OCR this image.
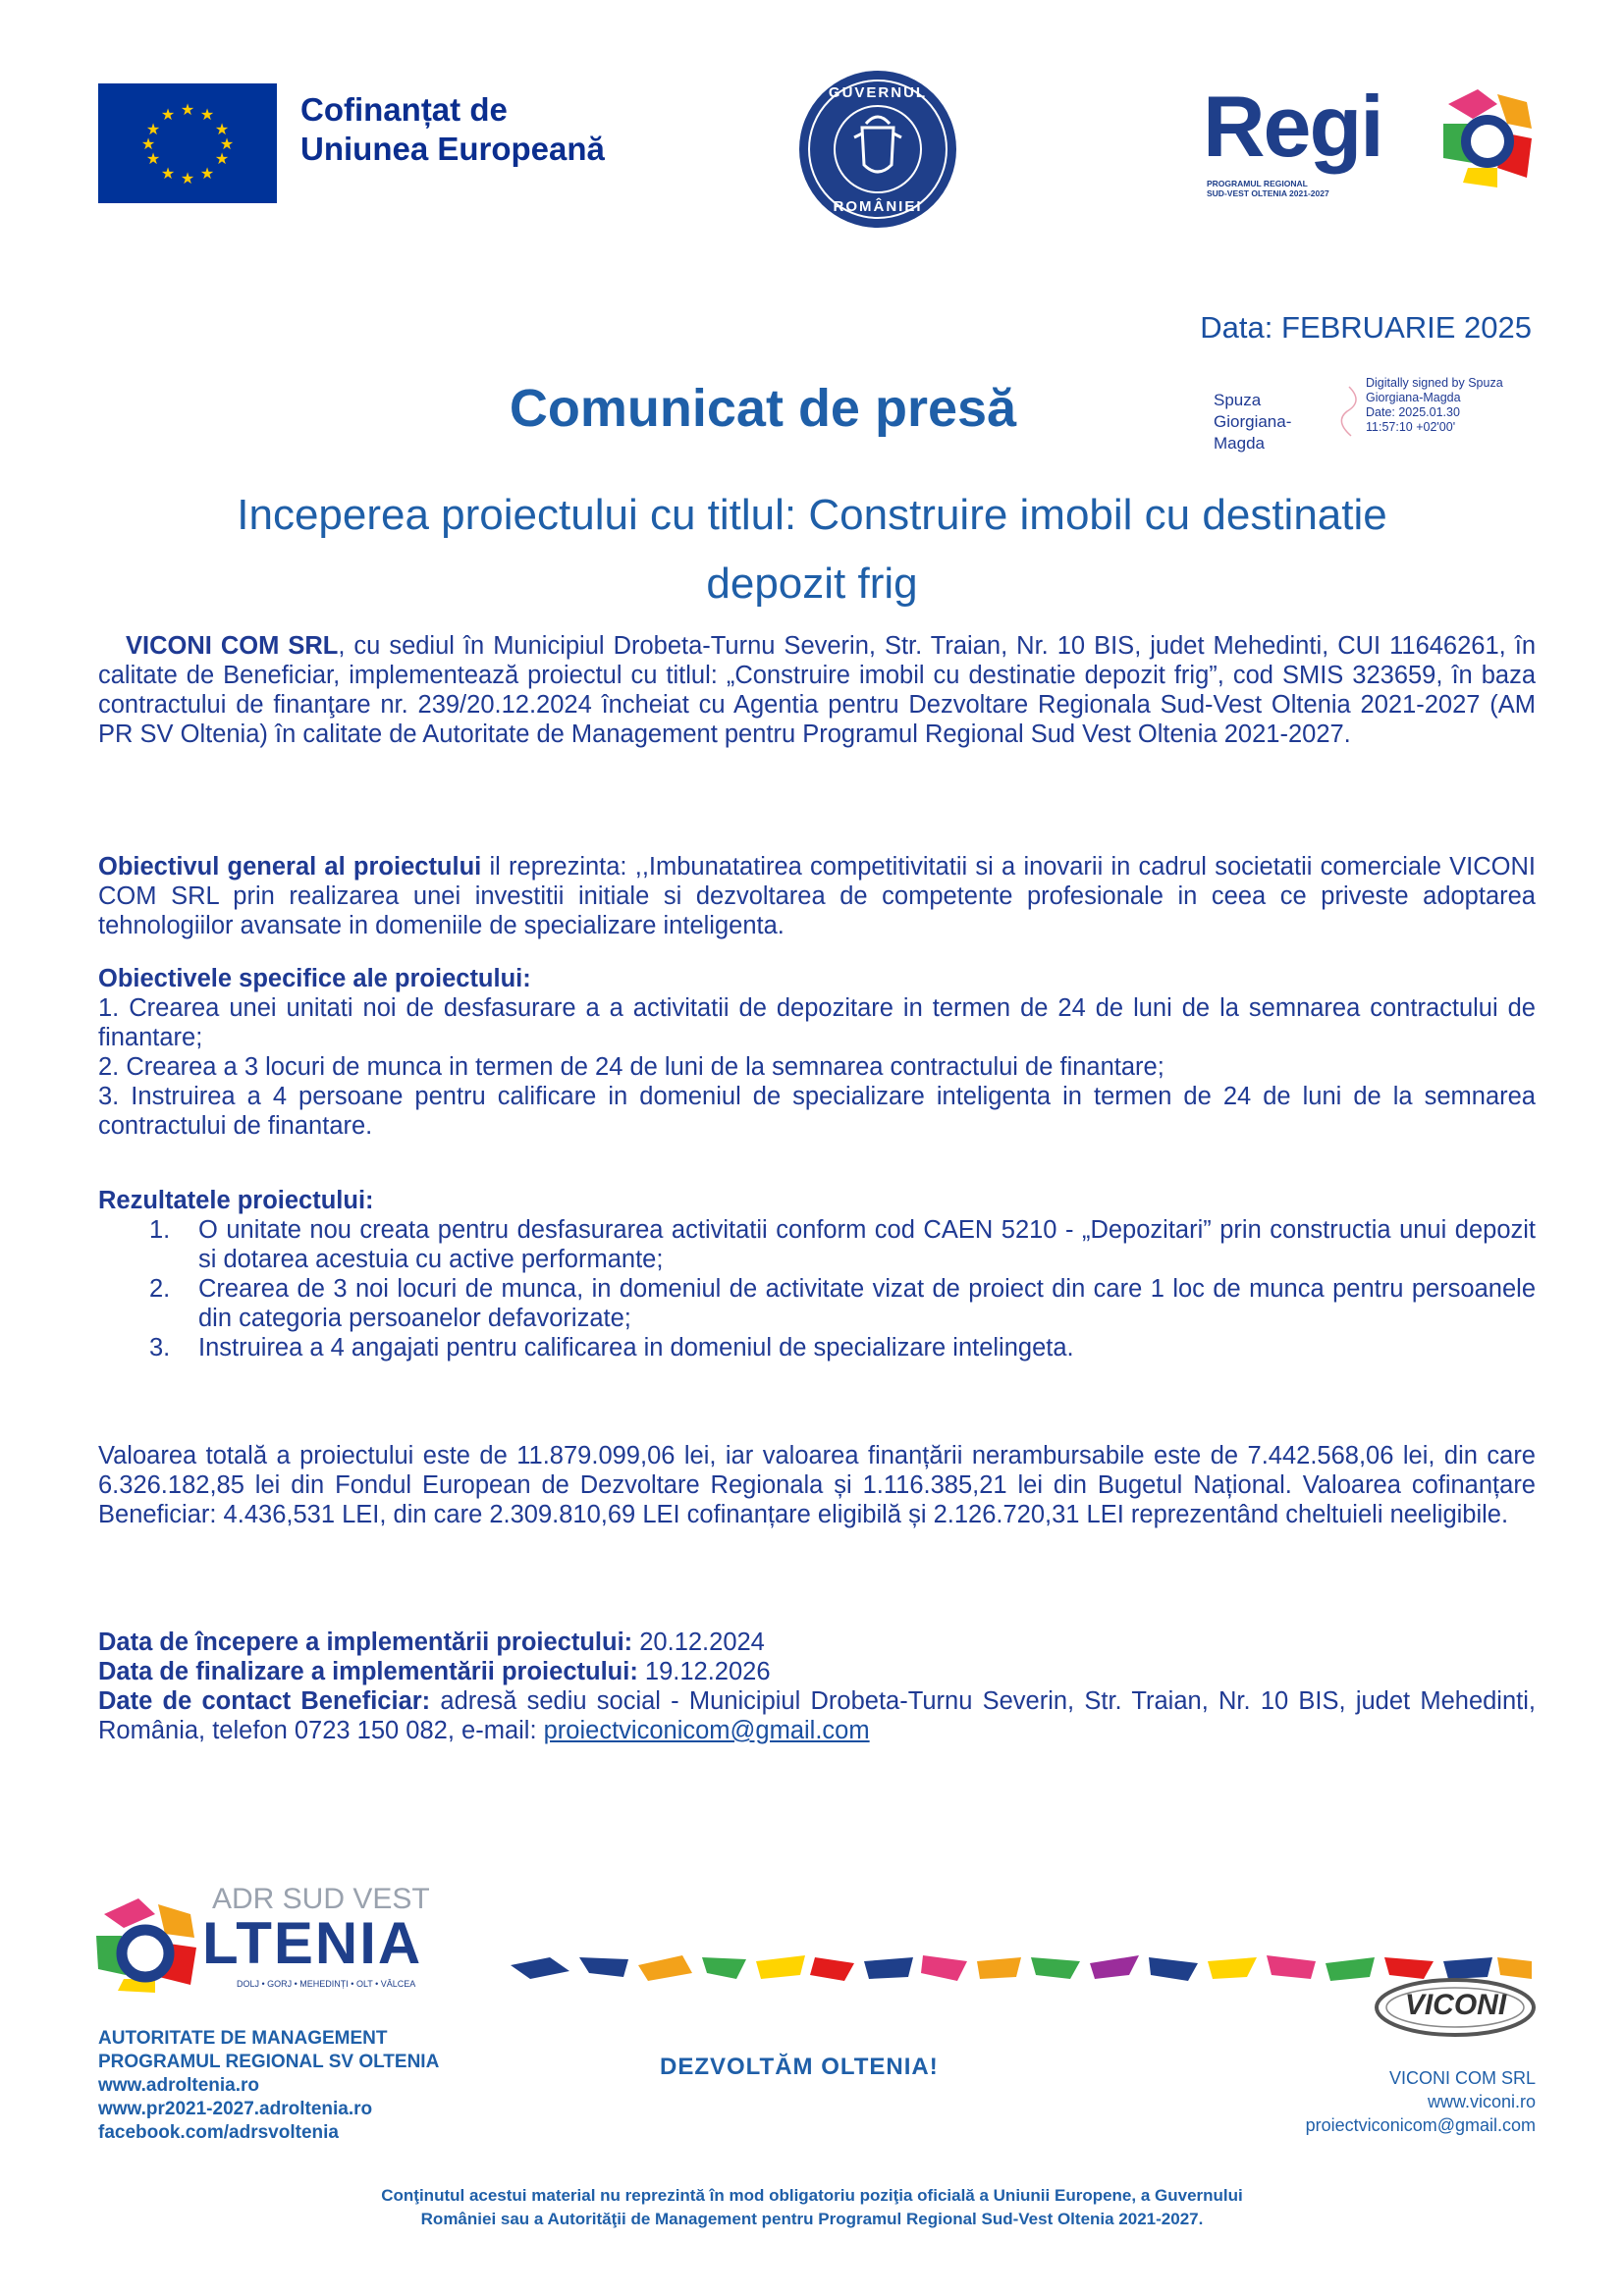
★ ★
★
★
★
★
★
★
★
★
★
★	Cofinanțat de
Uniunea Europeană
GUVERNUL
ROMÂNIEI
Regi
PROGRAMUL REGIONAL
SUD-VEST OLTENIA 2021-2027
Data: FEBRUARIE 2025
Comunicat de presă	Spuza Giorgiana-Magda
Digitally signed by Spuza
Giorgiana-Magda
Date: 2025.01.30
11:57:10 +02'00'
Inceperea proiectului cu titlul: Construire imobil cu destinatie
depozit frig
VICONI COM SRL, cu sediul în Municipiul Drobeta-Turnu Severin, Str. Traian, Nr. 10 BIS, judet Mehedinti, CUI 11646261, în calitate de Beneficiar, implementează proiectul cu titlul: „Construire imobil cu destinatie depozit frig”, cod SMIS 323659, în baza contractului de finanţare nr. 239/20.12.2024 încheiat cu Agentia pentru Dezvoltare Regionala Sud-Vest Oltenia 2021-2027 (AM PR SV Oltenia) în calitate de Autoritate de Management pentru Programul Regional Sud Vest Oltenia 2021-2027.
Obiectivul general al proiectului il reprezinta: ,,Imbunatatirea competitivitatii si a inovarii in cadrul societatii comerciale VICONI COM SRL prin realizarea unei investitii initiale si dezvoltarea de competente profesionale in ceea ce priveste adoptarea tehnologiilor avansate in domeniile de specializare inteligenta.
Obiectivele specifice ale proiectului:
1. Crearea unei unitati noi de desfasurare a a activitatii de depozitare in termen de 24 de luni de la semnarea contractului de finantare;
2. Crearea a 3 locuri de munca in termen de 24 de luni de la semnarea contractului de finantare;
3. Instruirea a 4 persoane pentru calificare in domeniul de specializare inteligenta in termen de 24 de luni de la semnarea contractului de finantare.
Rezultatele proiectului:
1. O unitate nou creata pentru desfasurarea activitatii conform cod CAEN 5210 - „Depozitari” prin constructia unui depozit si dotarea acestuia cu active performante;
2. Crearea de 3 noi locuri de munca, in domeniul de activitate vizat de proiect din care 1 loc de munca pentru persoanele din categoria persoanelor defavorizate;
3. Instruirea a 4 angajati pentru calificarea in domeniul de specializare intelingeta.
Valoarea totală a proiectului este de 11.879.099,06 lei, iar valoarea finanțării nerambursabile este de 7.442.568,06 lei, din care 6.326.182,85 lei din Fondul European de Dezvoltare Regionala și 1.116.385,21 lei din Bugetul Național. Valoarea cofinanțare Beneficiar: 4.436,531 LEI, din care 2.309.810,69 LEI cofinanțare eligibilă și 2.126.720,31 LEI reprezentând cheltuieli neeligibile.
Data de începere a implementării proiectului: 20.12.2024
Data de finalizare a implementării proiectului: 19.12.2026
Date de contact Beneficiar: adresă sediu social - Municipiul Drobeta-Turnu Severin, Str. Traian, Nr. 10 BIS, judet Mehedinti, România, telefon 0723 150 082, e-mail: proiectviconicom@gmail.com
ADR SUD VEST
LTENIA
DOLJ • GORJ • MEHEDINȚI • OLT • VÂLCEA
AUTORITATE DE MANAGEMENT
PROGRAMUL REGIONAL SV OLTENIA
www.adroltenia.ro
www.pr2021-2027.adroltenia.ro
facebook.com/adrsvoltenia
DEZVOLTĂM OLTENIA!
VICONI
VICONI COM SRL
www.viconi.ro
proiectviconicom@gmail.com
Conţinutul acestui material nu reprezintă în mod obligatoriu poziţia oficială a Uniunii Europene, a Guvernului
României sau a Autorităţii de Management pentru Programul Regional Sud-Vest Oltenia 2021-2027.
